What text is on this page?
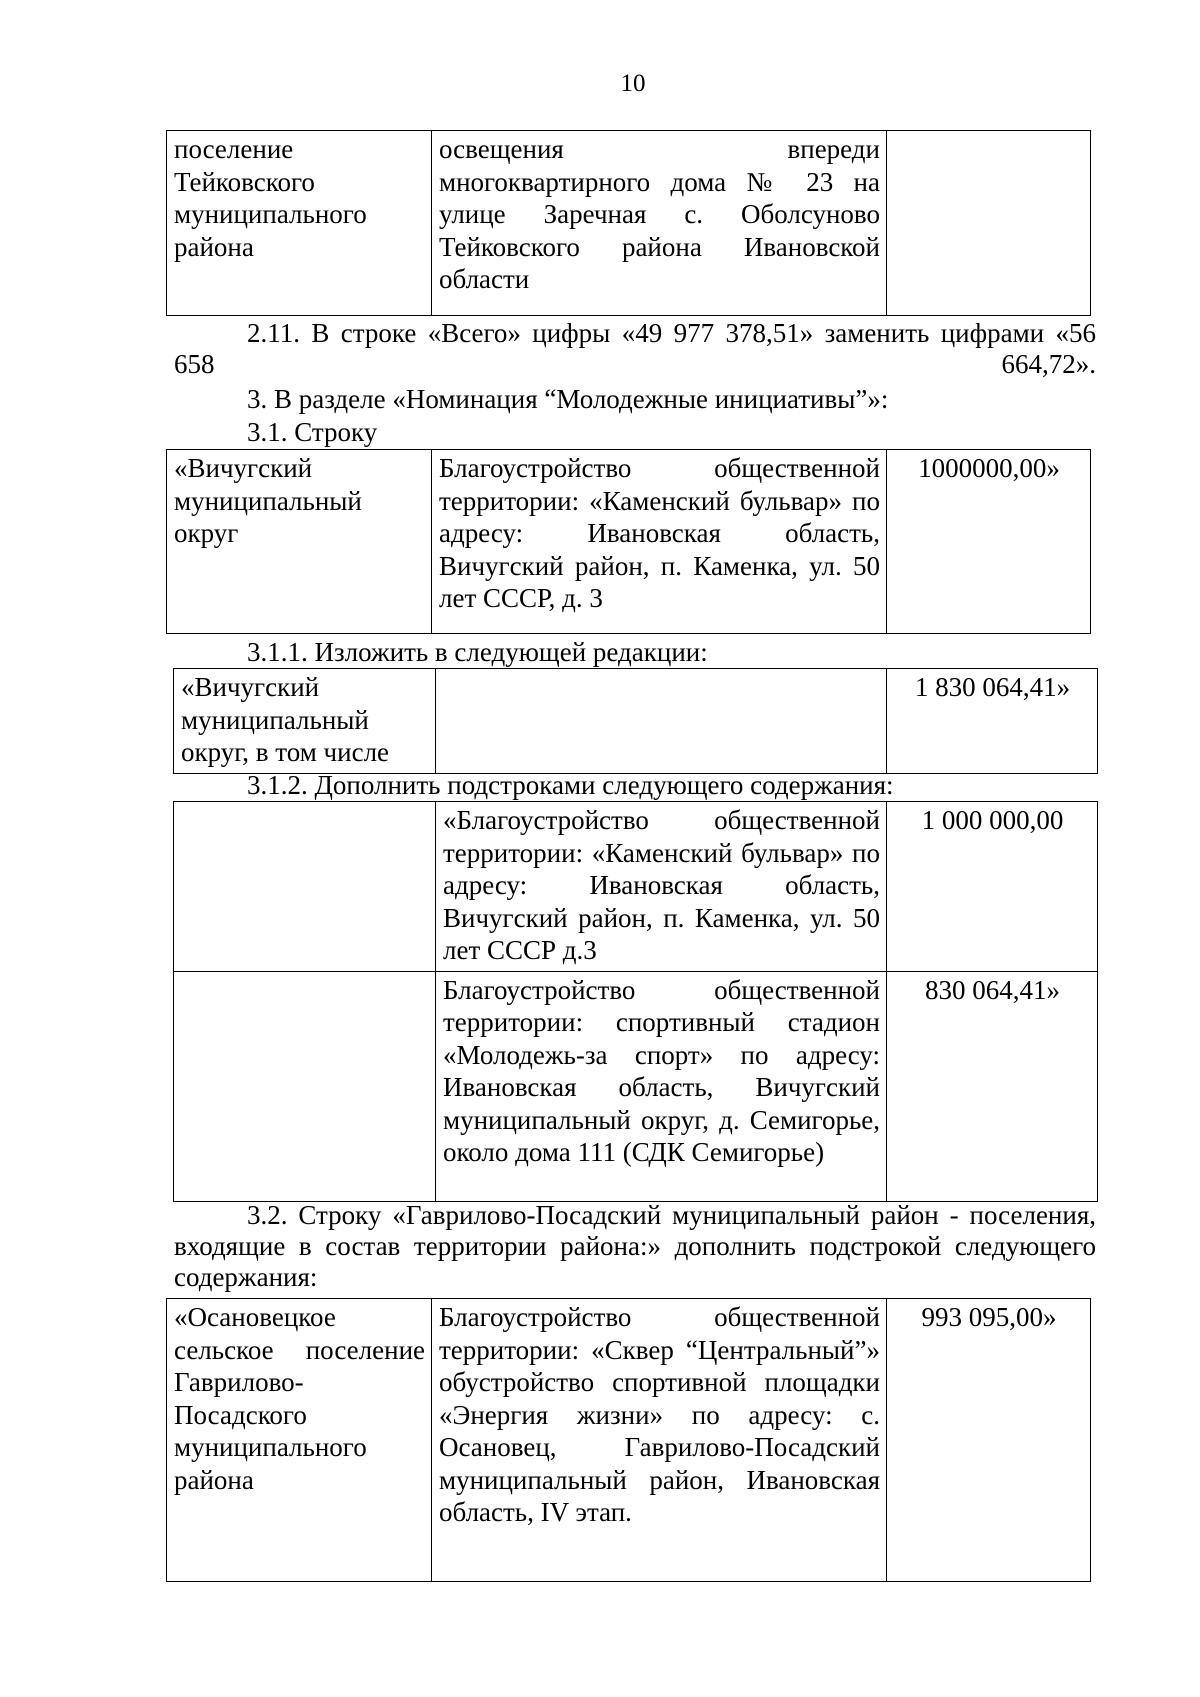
10
поселение Тейковского муниципального района	освещения впереди многоквартирного дома № 23 на улице Заречная с. Оболсуново Тейковского района Ивановской области	

2.11. В строке «Всего» цифры «49 977 378,51» заменить цифрами «56 658 664,72».

3. В разделе «Номинация “Молодежные инициативы”»:

3.1. Строку

«Вичугский муниципальный округ	Благоустройство общественной территории: «Каменский бульвар» по адресу: Ивановская область, Вичугский район, п. Каменка, ул. 50 лет СССР, д. 3	1000000,00»

3.1.1. Изложить в следующей редакции:

«Вичугский муниципальный округ, в том числе		1 830 064,41»

3.1.2. Дополнить подстроками следующего содержания:

	«Благоустройство общественной территории: «Каменский бульвар» по адресу: Ивановская область, Вичугский район, п. Каменка, ул. 50 лет СССР д.3	1 000 000,00
	Благоустройство общественной территории: спортивный стадион «Молодежь-за спорт» по адресу: Ивановская область, Вичугский муниципальный округ, д. Семигорье, около дома 111 (СДК Семигорье)	830 064,41»

3.2. Строку «Гаврилово-Посадский муниципальный район - поселения, входящие в состав территории района:» дополнить подстрокой следующего содержания:

«Осановецкое сельское поселение Гаврилово-Посадского муниципального района	Благоустройство общественной территории: «Сквер “Центральный”» обустройство спортивной площадки «Энергия жизни» по адресу: с. Осановец, Гаврилово-Посадский муниципальный район, Ивановская область, IV этап.	993 095,00»
